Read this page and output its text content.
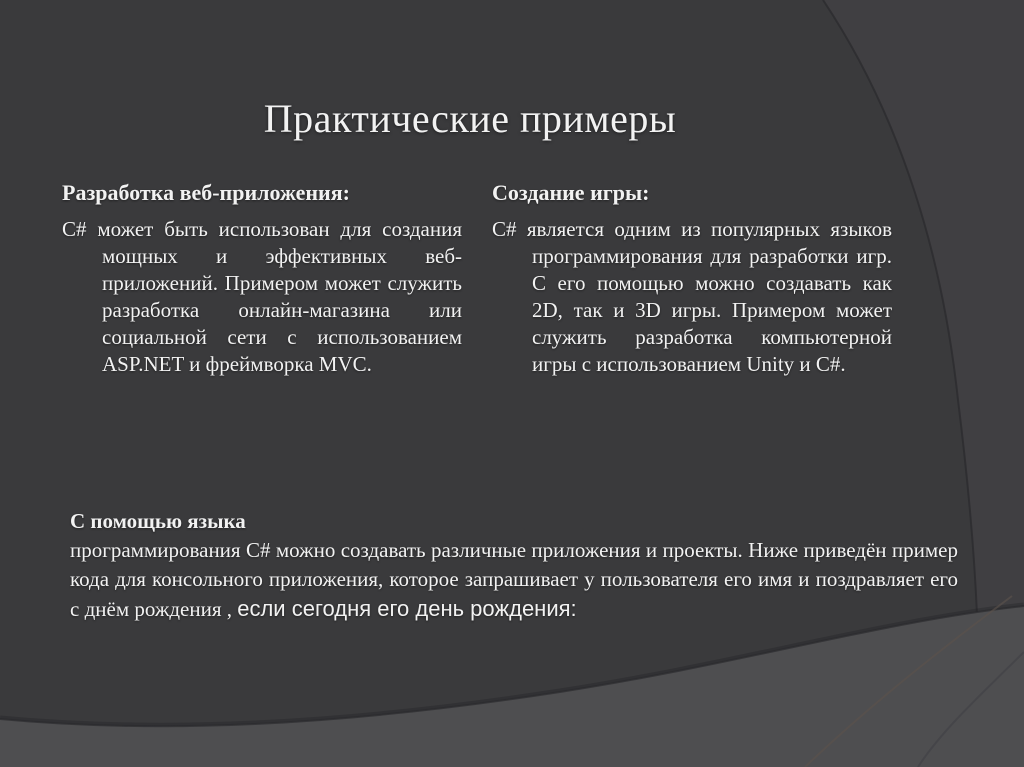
Практические примеры
Разработка веб-приложения:

C# может быть использован для создания мощных и эффективных веб-приложений. Примером может служить разработка онлайн-магазина или социальной сети с использованием ASP.NET и фреймворка MVC.

Создание игры:

C# является одним из популярных языков программирования для разработки игр. С его помощью можно создавать как 2D, так и 3D игры. Примером может служить разработка компьютерной игры с использованием Unity и C#.

С помощью языка

программирования C# можно создавать различные приложения и проекты. Ниже приведён пример кода для консольного приложения, которое запрашивает у пользователя его имя и поздравляет его с днём рождения , если сегодня его день рождения:
